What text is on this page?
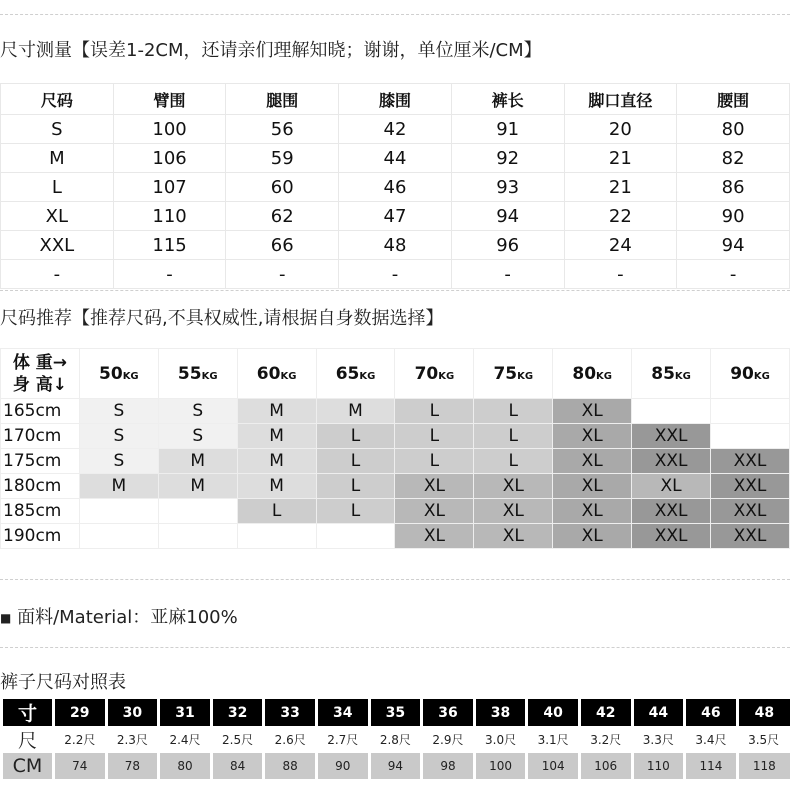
尺寸测量【误差1-2CM，还请亲们理解知晓；谢谢，单位厘米/CM】
尺码	臂围	腿围	膝围	裤长	脚口直径	腰围
S	100	56	42	91	20	80
M	106	59	44	92	21	82
L	107	60	46	93	21	86
XL	110	62	47	94	22	90
XXL	115	66	48	96	24	94
-	-	-	-	-	-	-
尺码推荐【推荐尺码,不具权威性,请根据自身数据选择】
体 重→
身 高↓	50KG	55KG	60KG	65KG	70KG	75KG	80KG	85KG	90KG
165cm	S	S	M	M	L	L	XL		
170cm	S	S	M	L	L	L	XL	XXL	
175cm	S	M	M	L	L	L	XL	XXL	XXL
180cm	M	M	M	L	XL	XL	XL	XL	XXL
185cm			L	L	XL	XL	XL	XXL	XXL
190cm					XL	XL	XL	XXL	XXL
■ 面料/Material：亚麻100%
裤子尺码对照表
寸	29	30	31	32	33	34	35	36	38	40	42	44	46	48
尺	2.2尺	2.3尺	2.4尺	2.5尺	2.6尺	2.7尺	2.8尺	2.9尺	3.0尺	3.1尺	3.2尺	3.3尺	3.4尺	3.5尺
CM	74	78	80	84	88	90	94	98	100	104	106	110	114	118
